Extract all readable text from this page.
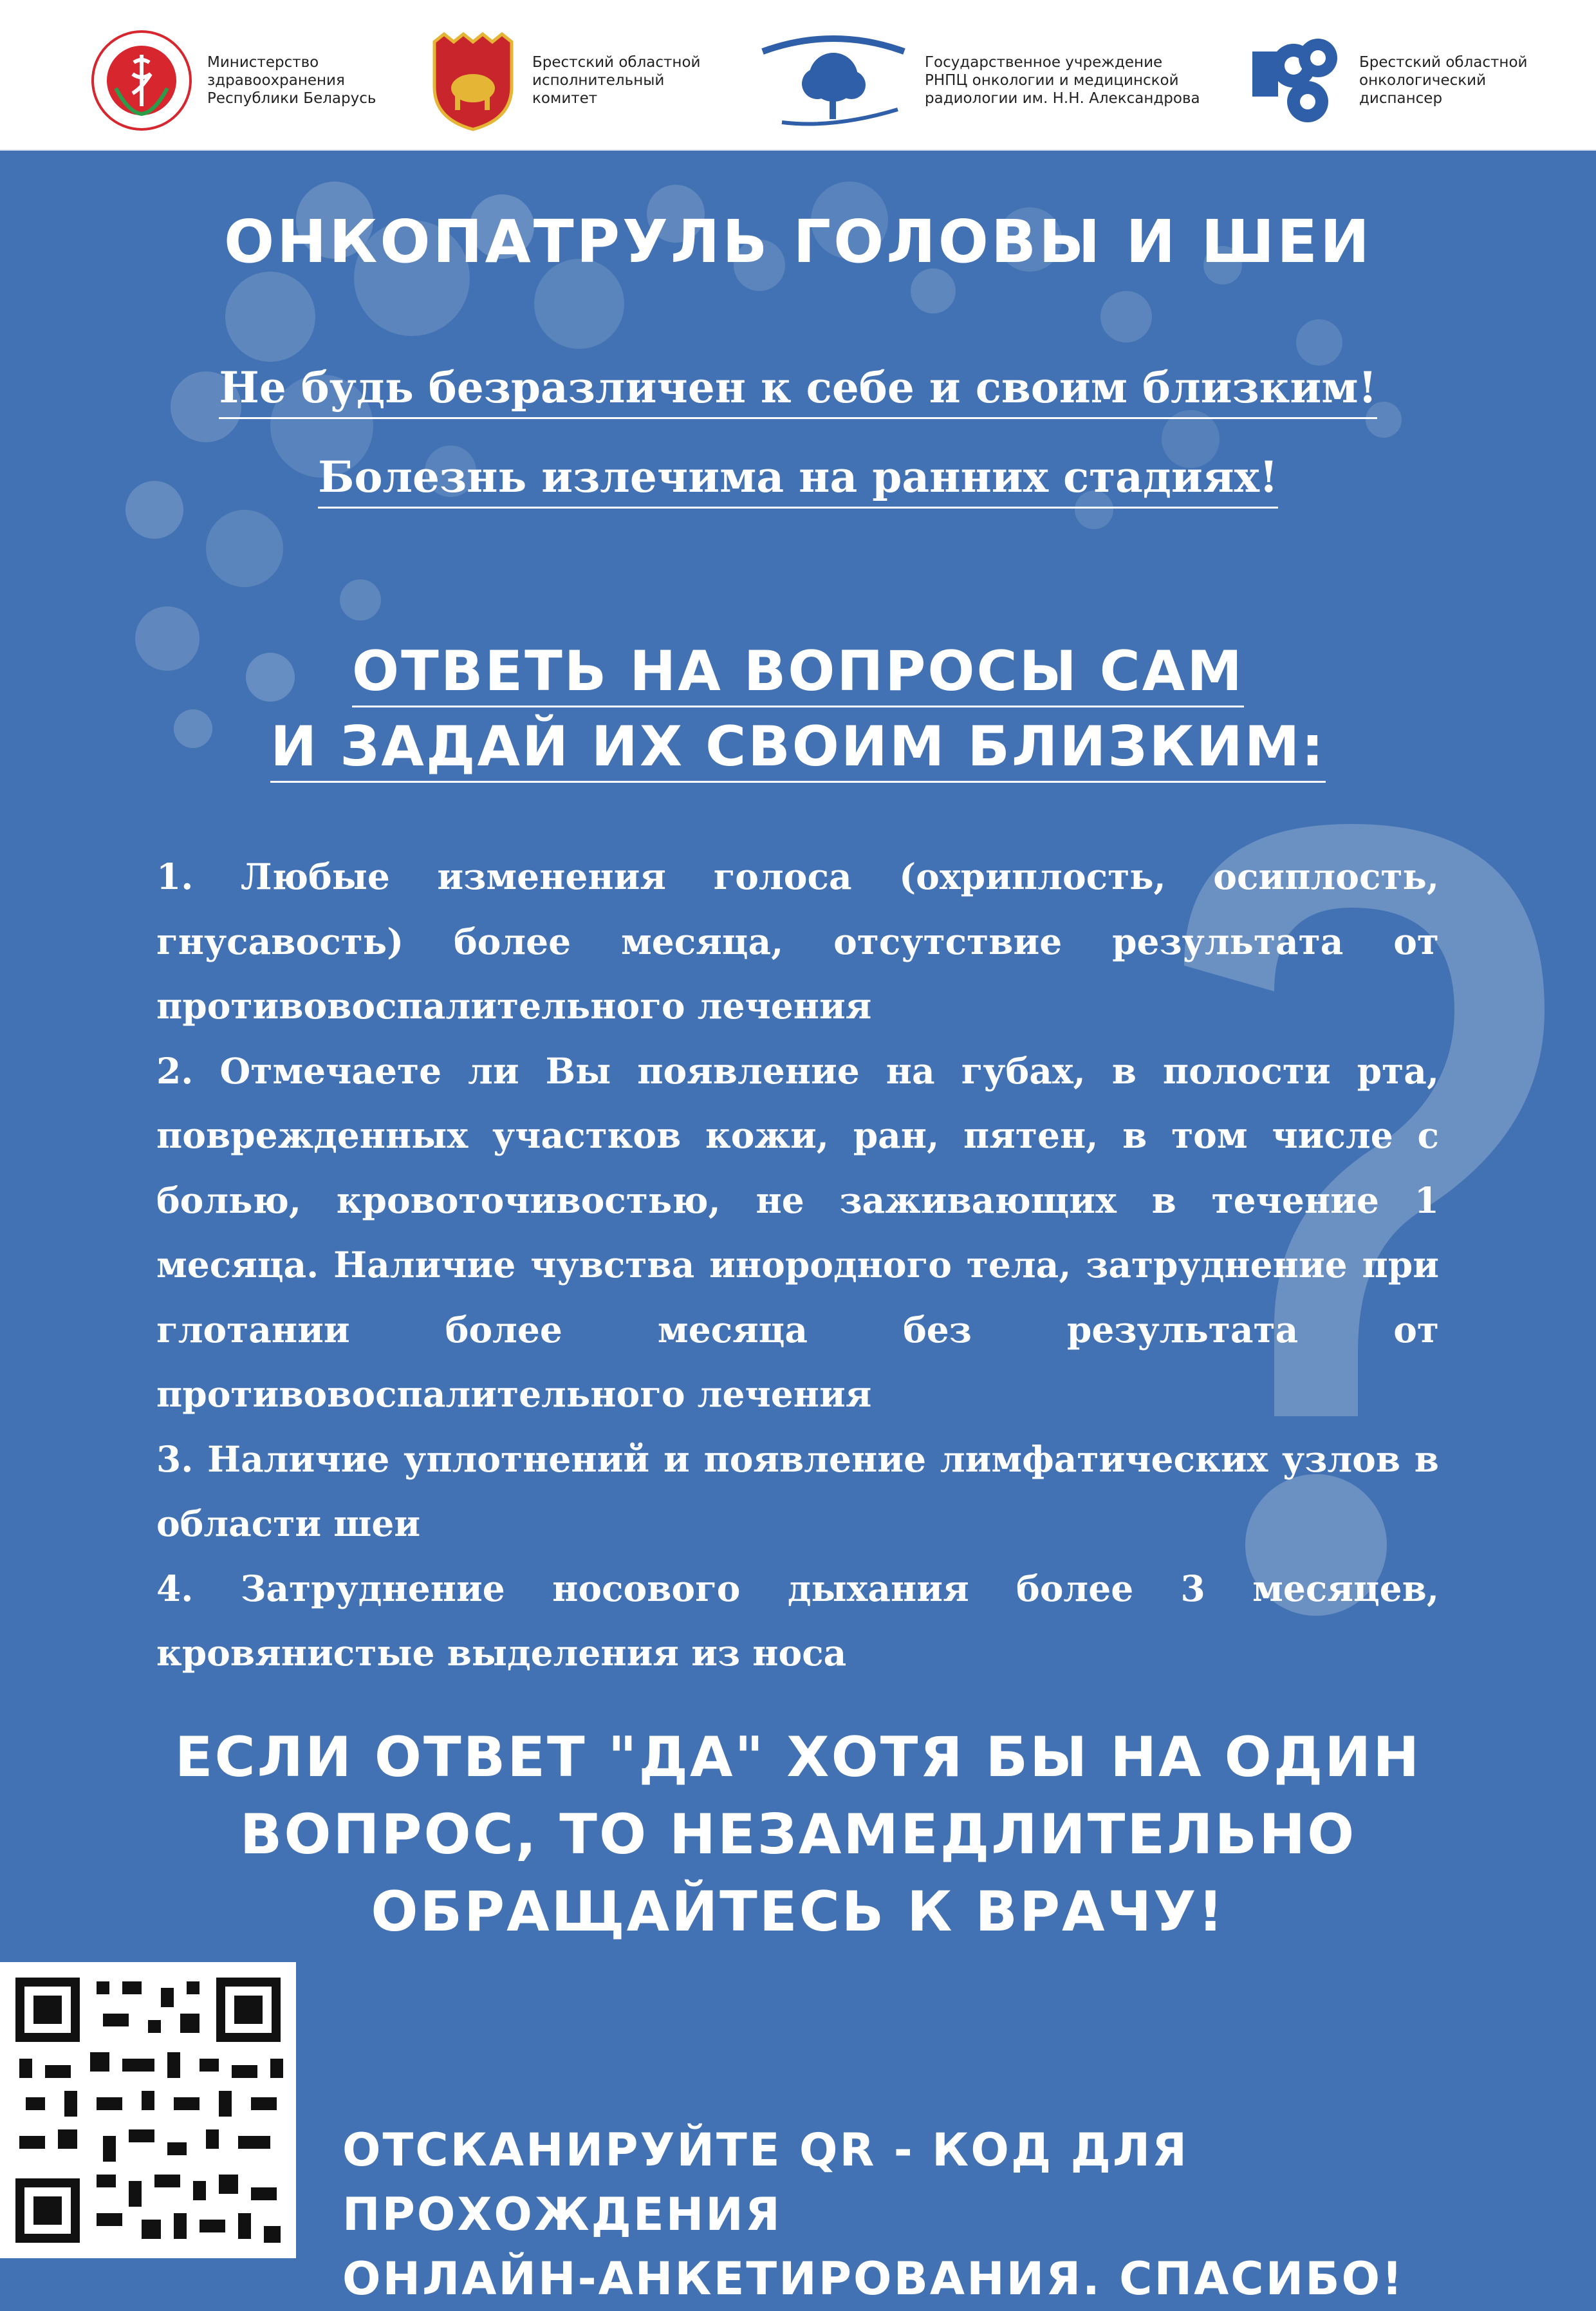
Министерство
здравоохранения
Республики Беларусь
Брестский областной
исполнительный
комитет
Государственное учреждение
РНПЦ онкологии и медицинской
радиологии им. Н.Н. Александрова
Брестский областной
онкологический
диспансер
ОНКОПАТРУЛЬ ГОЛОВЫ И ШЕИ
Не будь безразличен к себе и своим близким!
Болезнь излечима на ранних стадиях!
ОТВЕТЬ НА ВОПРОСЫ САМ
И ЗАДАЙ ИХ СВОИМ БЛИЗКИМ:

1. Любые изменения голоса (охриплость, осиплость, гнусавость) более месяца, отсутствие результата от противовоспалительного лечения

2. Отмечаете ли Вы появление на губах, в полости рта, поврежденных участков кожи, ран, пятен, в том числе с болью, кровоточивостью, не заживающих в течение 1 месяца. Наличие чувства инородного тела, затруднение при глотании более месяца без результата от противовоспалительного лечения

3. Наличие уплотнений и появление лимфатических узлов в области шеи

4. Затруднение носового дыхания более 3 месяцев, кровянистые выделения из носа

ЕСЛИ ОТВЕТ "ДА" ХОТЯ БЫ НА ОДИН
ВОПРОС, ТО НЕЗАМЕДЛИТЕЛЬНО
ОБРАЩАЙТЕСЬ К ВРАЧУ!
ОТСКАНИРУЙТЕ QR - КОД ДЛЯ ПРОХОЖДЕНИЯ
ОНЛАЙН-АНКЕТИРОВАНИЯ. СПАСИБО!
